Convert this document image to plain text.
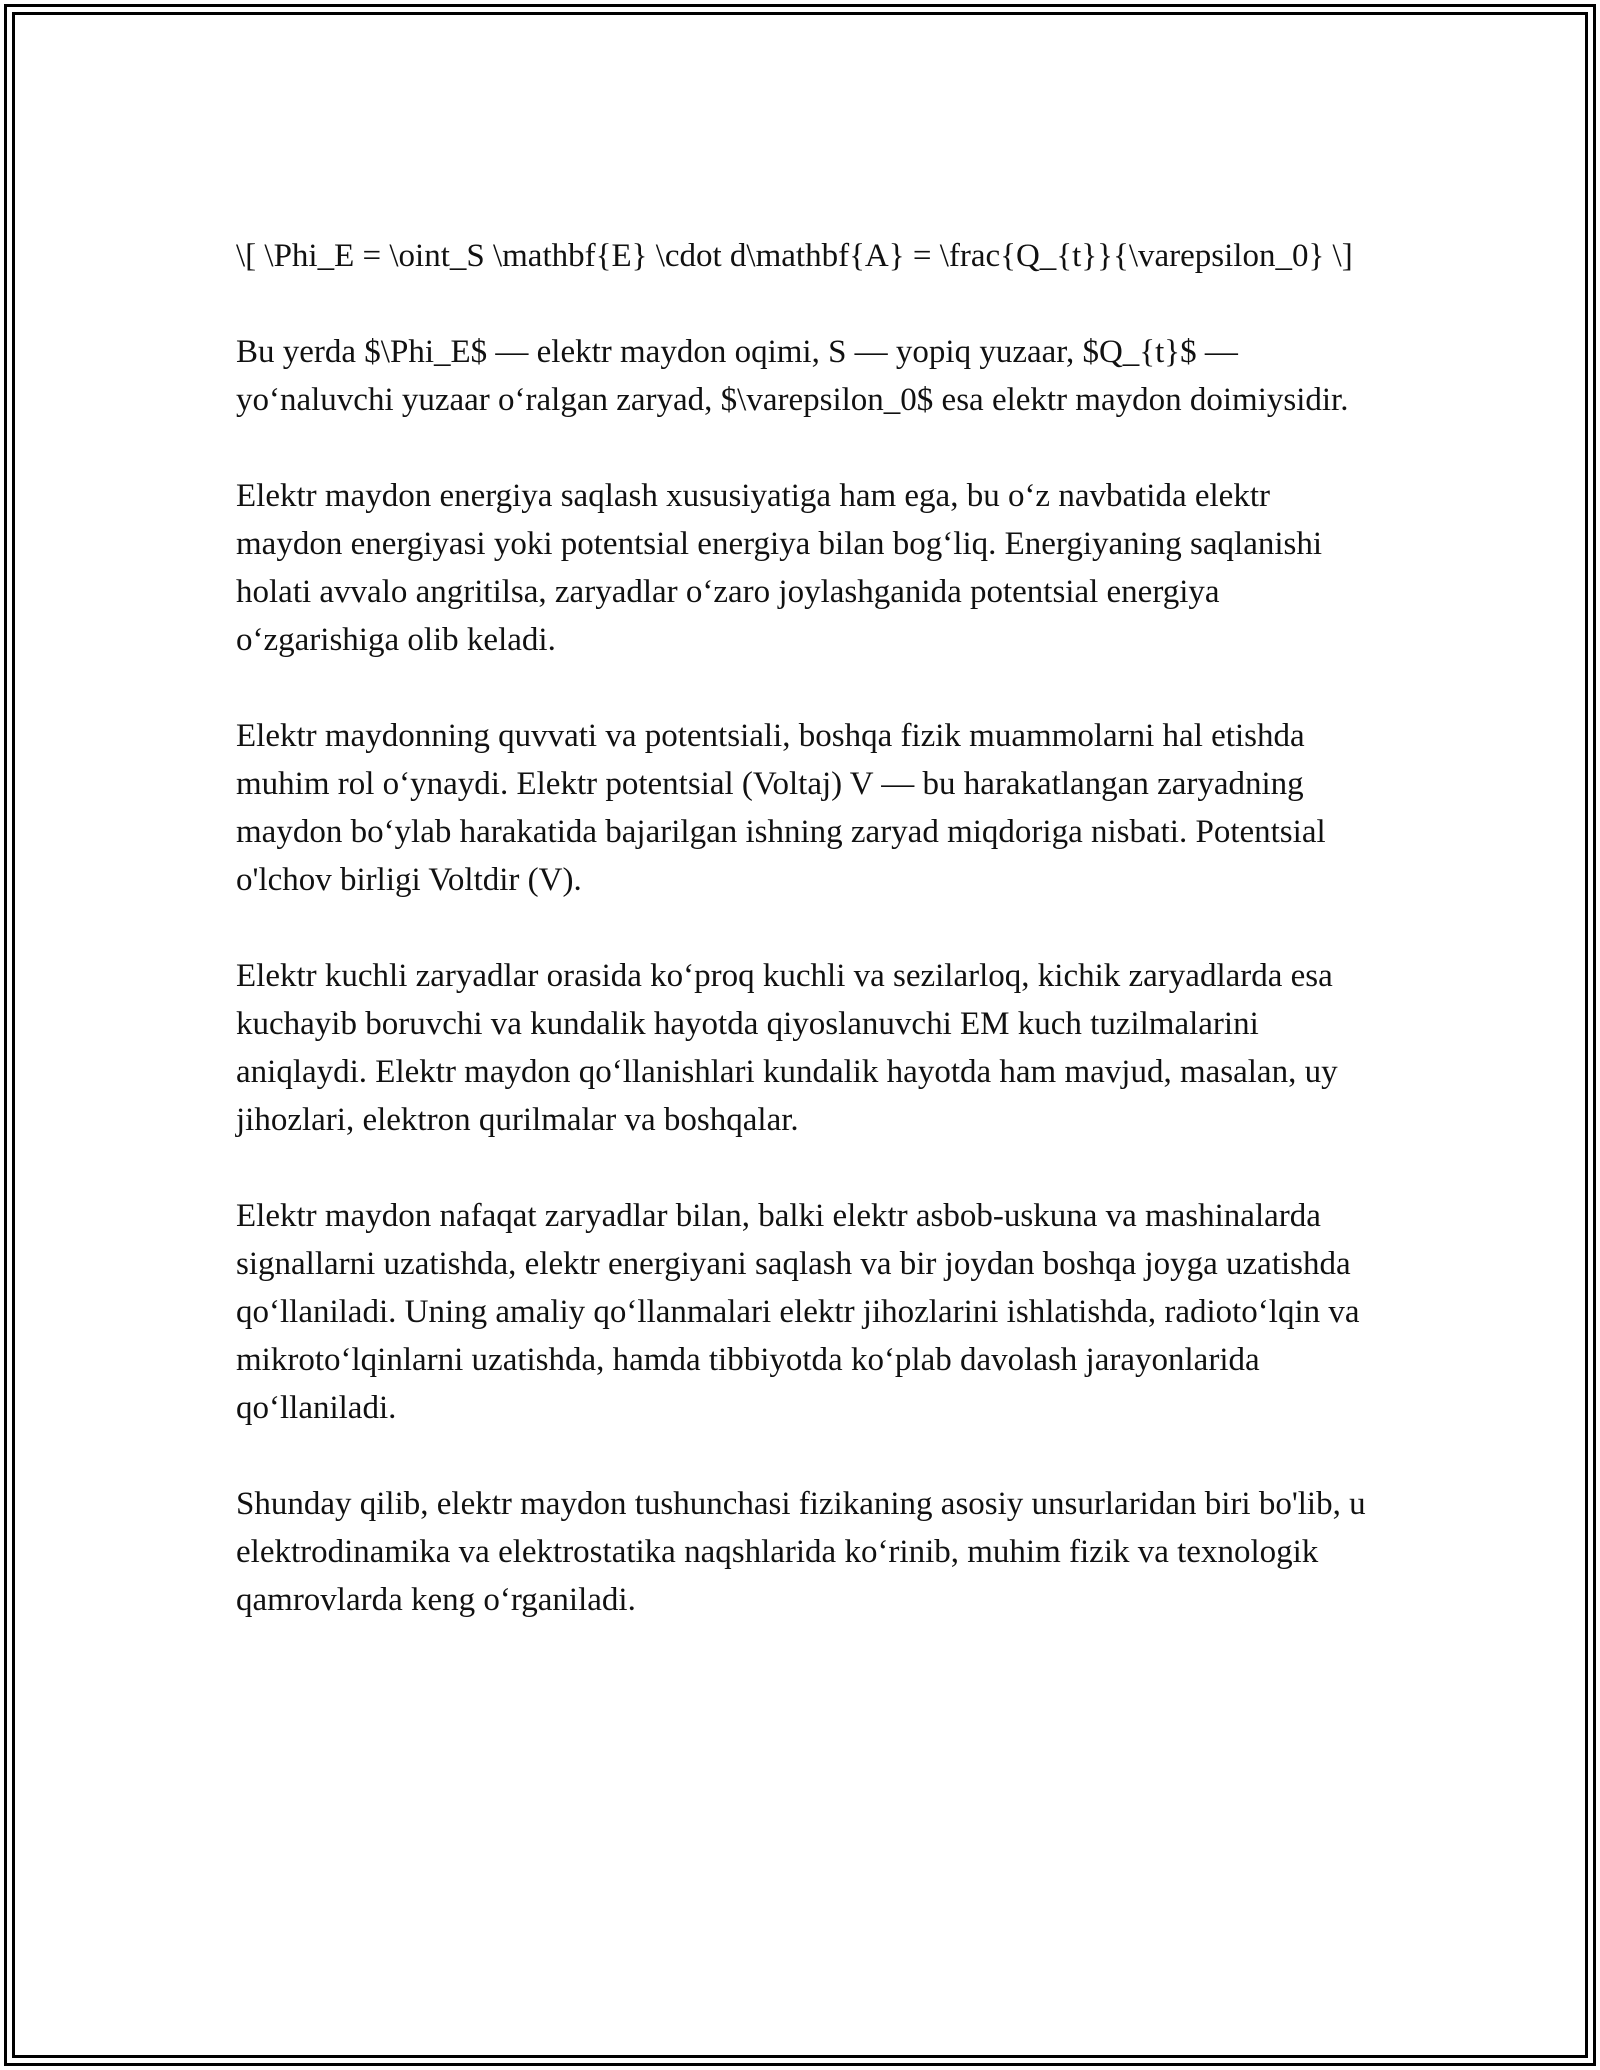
\[ \Phi_E = \oint_S \mathbf{E} \cdot d\mathbf{A} = \frac{Q_{t}}{\varepsilon_0} \]

Bu yerda $\Phi_E$ — elektr maydon oqimi, S — yopiq yuzaar, $Q_{t}$ — yo‘naluvchi yuzaar o‘ralgan zaryad, $\varepsilon_0$ esa elektr maydon doimiysidir.

Elektr maydon energiya saqlash xususiyatiga ham ega, bu o‘z navbatida elektr maydon energiyasi yoki potentsial energiya bilan bog‘liq. Energiyaning saqlanishi holati avvalo angritilsa, zaryadlar o‘zaro joylashganida potentsial energiya o‘zgarishiga olib keladi.

Elektr maydonning quvvati va potentsiali, boshqa fizik muammolarni hal etishda muhim rol o‘ynaydi. Elektr potentsial (Voltaj) V — bu harakatlangan zaryadning maydon bo‘ylab harakatida bajarilgan ishning zaryad miqdoriga nisbati. Potentsial o'lchov birligi Voltdir (V).

Elektr kuchli zaryadlar orasida ko‘proq kuchli va sezilarloq, kichik zaryadlarda esa kuchayib boruvchi va kundalik hayotda qiyoslanuvchi EM kuch tuzilmalarini aniqlaydi. Elektr maydon qo‘llanishlari kundalik hayotda ham mavjud, masalan, uy jihozlari, elektron qurilmalar va boshqalar.

Elektr maydon nafaqat zaryadlar bilan, balki elektr asbob-uskuna va mashinalarda signallarni uzatishda, elektr energiyani saqlash va bir joydan boshqa joyga uzatishda qo‘llaniladi. Uning amaliy qo‘llanmalari elektr jihozlarini ishlatishda, radioto‘lqin va mikroto‘lqinlarni uzatishda, hamda tibbiyotda ko‘plab davolash jarayonlarida qo‘llaniladi.

Shunday qilib, elektr maydon tushunchasi fizikaning asosiy unsurlaridan biri bo'lib, u elektrodinamika va elektrostatika naqshlarida ko‘rinib, muhim fizik va texnologik qamrovlarda keng o‘rganiladi.
